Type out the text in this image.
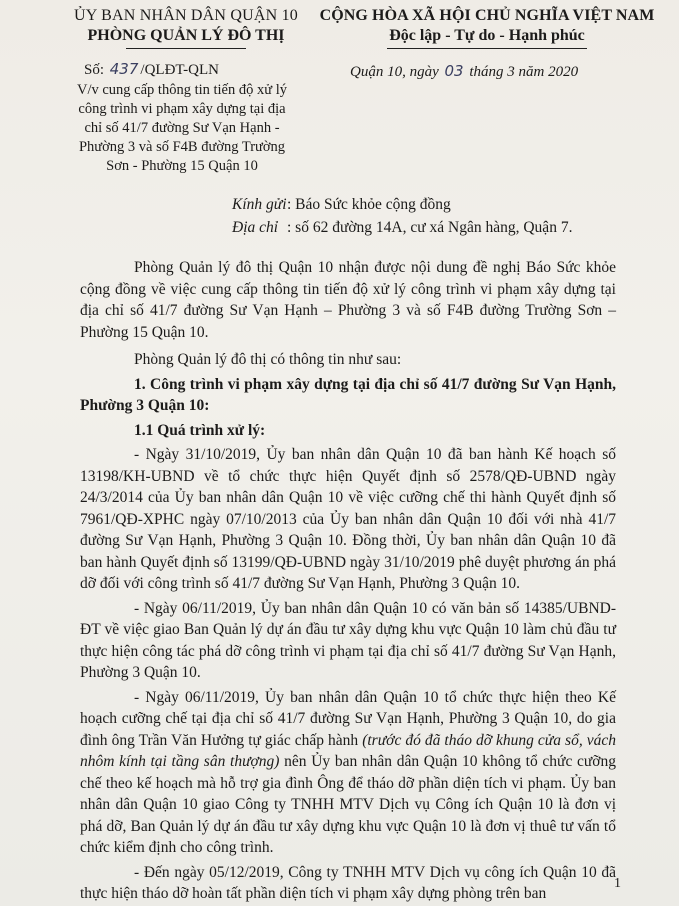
ỦY BAN NHÂN DÂN QUẬN 10
PHÒNG QUẢN LÝ ĐÔ THỊ
CỘNG HÒA XÃ HỘI CHỦ NGHĨA VIỆT NAM
Độc lập - Tự do - Hạnh phúc
Số: 437 /QLĐT-QLN	Quận 10, ngày 03 tháng 3 năm 2020
V/v cung cấp thông tin tiến độ xử lý
công trình vi phạm xây dựng tại địa
chỉ số 41/7 đường Sư Vạn Hạnh -
Phường 3 và số F4B đường Trường
Sơn - Phường 15 Quận 10
Kính gửi: Báo Sức khỏe cộng đồng
Địa chỉ : số 62 đường 14A, cư xá Ngân hàng, Quận 7.

Phòng Quản lý đô thị Quận 10 nhận được nội dung đề nghị Báo Sức khỏe cộng đồng về việc cung cấp thông tin tiến độ xử lý công trình vi phạm xây dựng tại địa chỉ số 41/7 đường Sư Vạn Hạnh – Phường 3 và số F4B đường Trường Sơn – Phường 15 Quận 10.

Phòng Quản lý đô thị có thông tin như sau:

1. Công trình vi phạm xây dựng tại địa chỉ số 41/7 đường Sư Vạn Hạnh, Phường 3 Quận 10:

1.1 Quá trình xử lý:

- Ngày 31/10/2019, Ủy ban nhân dân Quận 10 đã ban hành Kế hoạch số 13198/KH-UBND về tổ chức thực hiện Quyết định số 2578/QĐ-UBND ngày 24/3/2014 của Ủy ban nhân dân Quận 10 về việc cưỡng chế thi hành Quyết định số 7961/QĐ-XPHC ngày 07/10/2013 của Ủy ban nhân dân Quận 10 đối với nhà 41/7 đường Sư Vạn Hạnh, Phường 3 Quận 10. Đồng thời, Ủy ban nhân dân Quận 10 đã ban hành Quyết định số 13199/QĐ-UBND ngày 31/10/2019 phê duyệt phương án phá dỡ đối với công trình số 41/7 đường Sư Vạn Hạnh, Phường 3 Quận 10.

- Ngày 06/11/2019, Ủy ban nhân dân Quận 10 có văn bản số 14385/UBND-ĐT về việc giao Ban Quản lý dự án đầu tư xây dựng khu vực Quận 10 làm chủ đầu tư thực hiện công tác phá dỡ công trình vi phạm tại địa chỉ số 41/7 đường Sư Vạn Hạnh, Phường 3 Quận 10.

- Ngày 06/11/2019, Ủy ban nhân dân Quận 10 tổ chức thực hiện theo Kế hoạch cưỡng chế tại địa chỉ số 41/7 đường Sư Vạn Hạnh, Phường 3 Quận 10, do gia đình ông Trần Văn Hưởng tự giác chấp hành (trước đó đã tháo dỡ khung cửa sổ, vách nhôm kính tại tầng sân thượng) nên Ủy ban nhân dân Quận 10 không tổ chức cưỡng chế theo kế hoạch mà hỗ trợ gia đình Ông để tháo dỡ phần diện tích vi phạm. Ủy ban nhân dân Quận 10 giao Công ty TNHH MTV Dịch vụ Công ích Quận 10 là đơn vị phá dỡ, Ban Quản lý dự án đầu tư xây dựng khu vực Quận 10 là đơn vị thuê tư vấn tổ chức kiểm định cho công trình.

- Đến ngày 05/12/2019, Công ty TNHH MTV Dịch vụ công ích Quận 10 đã thực hiện tháo dỡ hoàn tất phần diện tích vi phạm xây dựng phòng trên ban

1
